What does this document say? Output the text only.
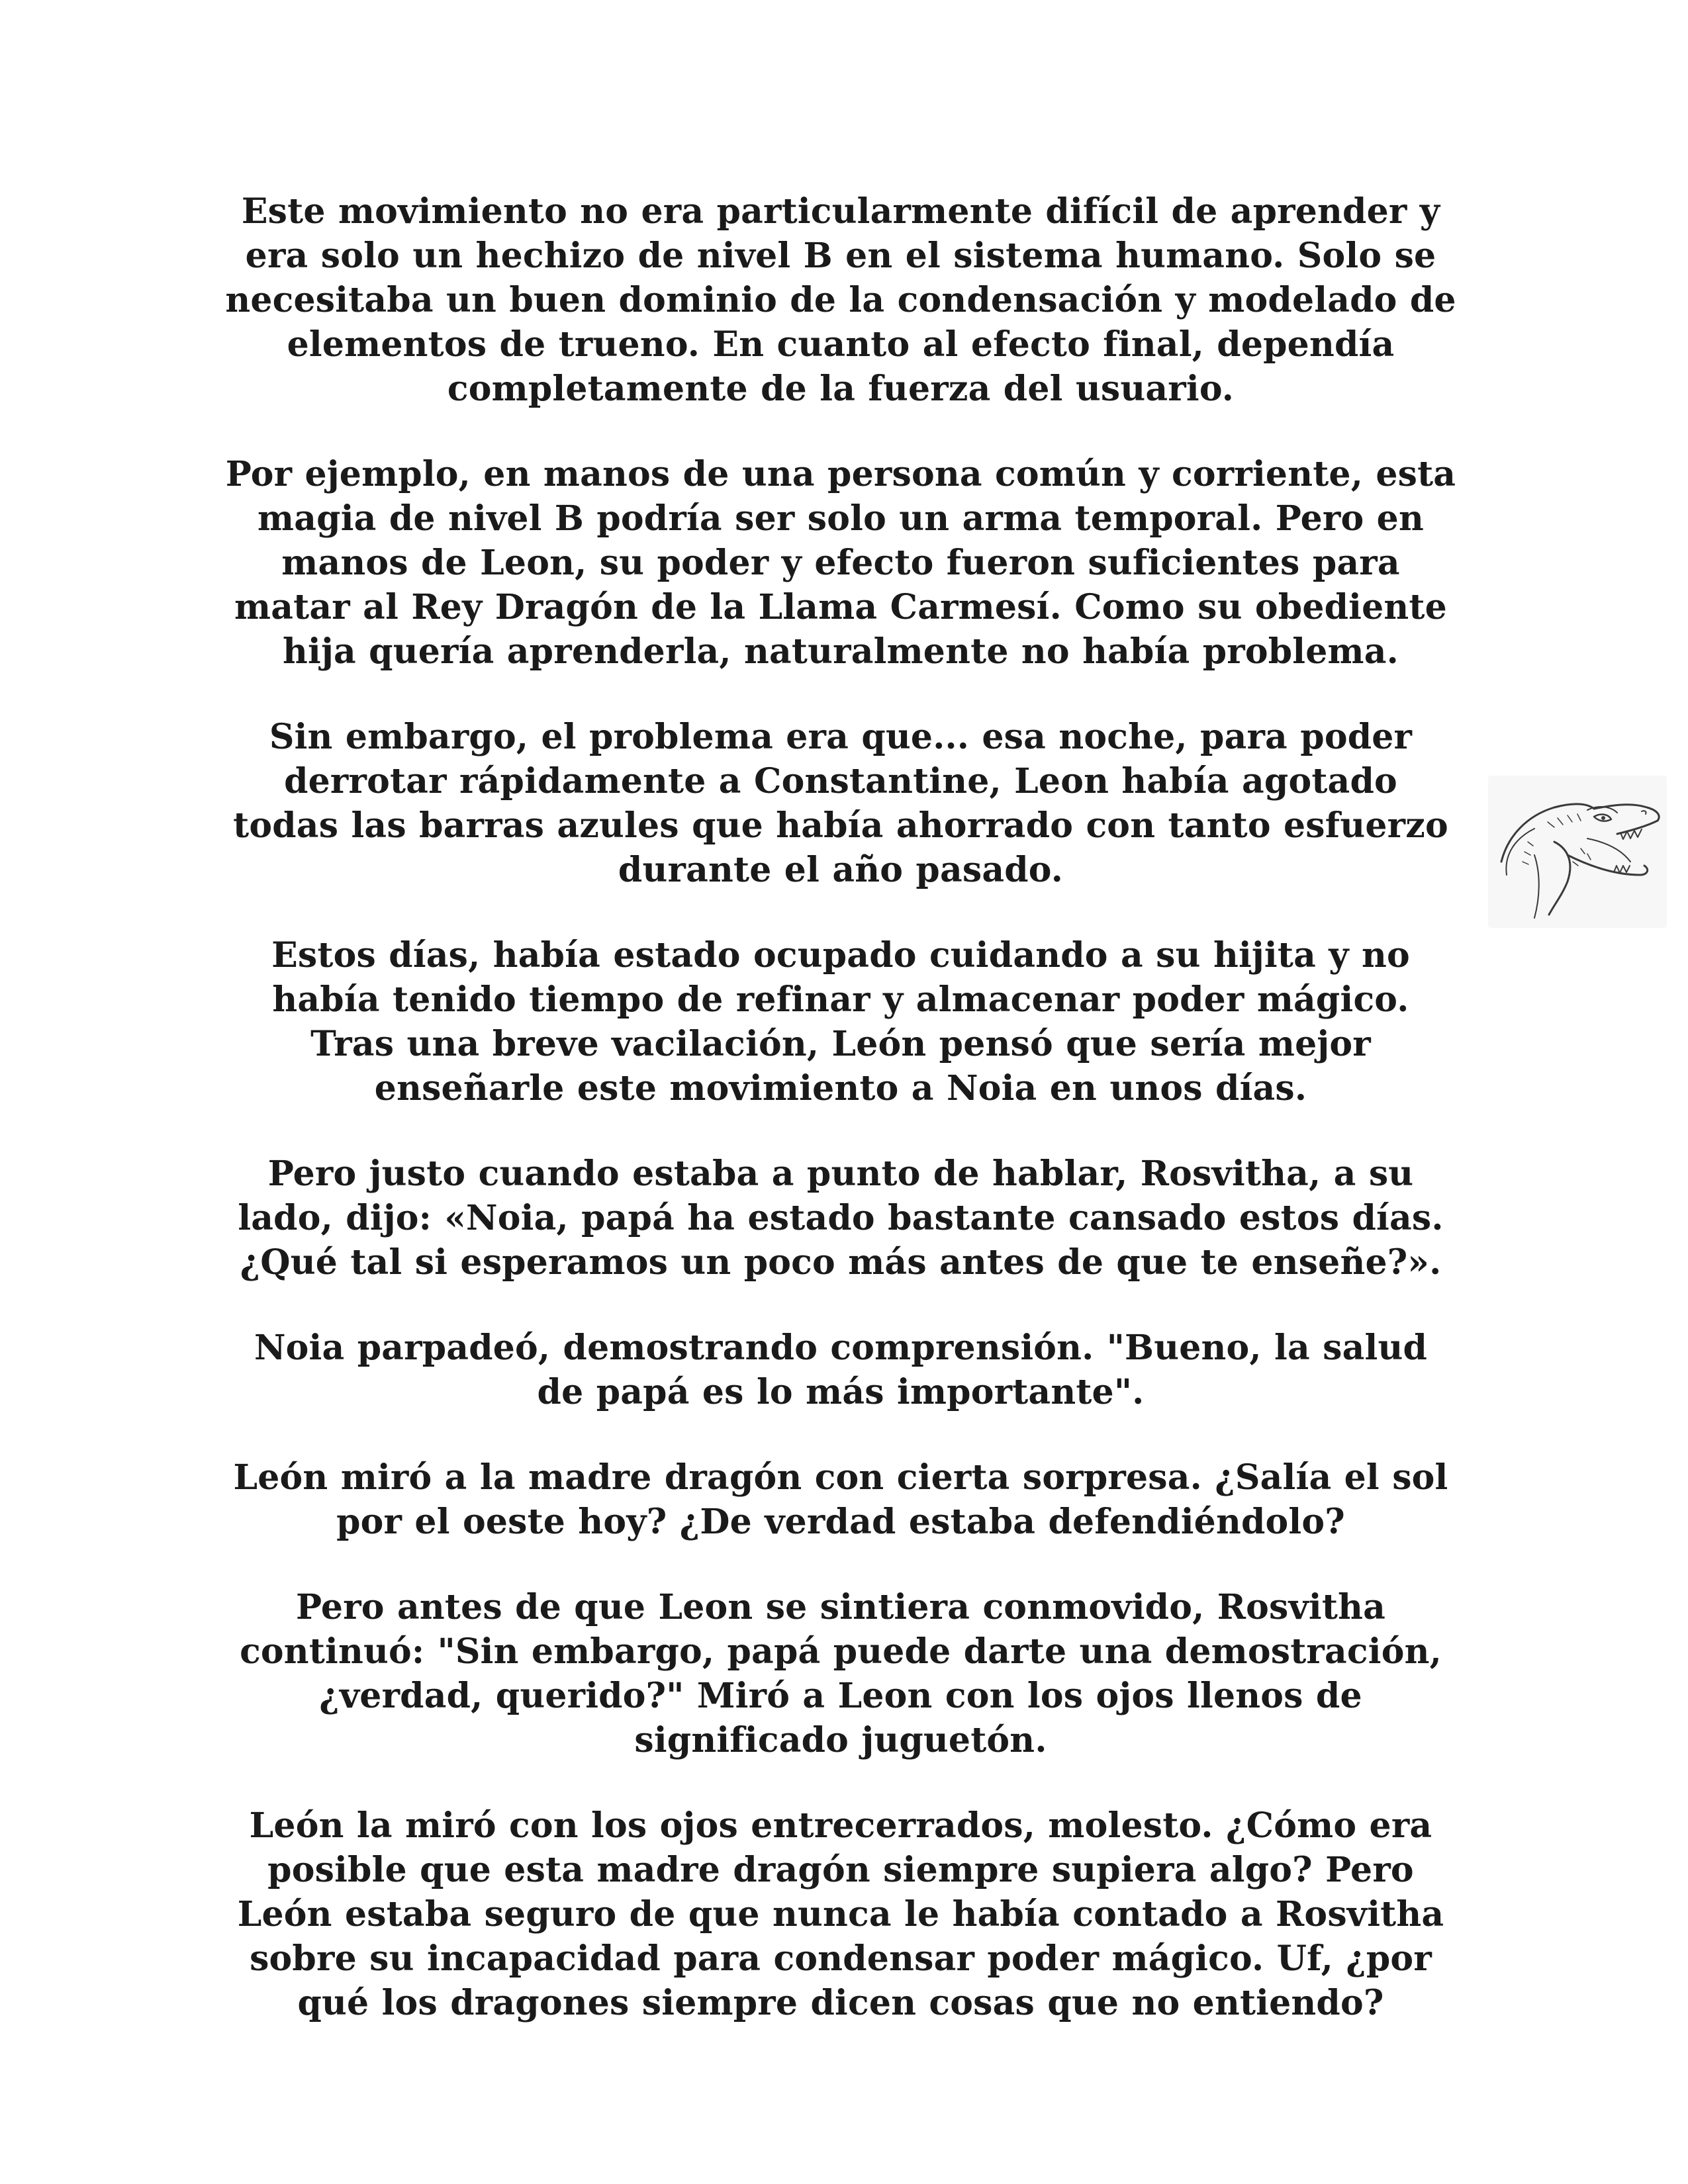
Este movimiento no era particularmente difícil de aprender y
era solo un hechizo de nivel B en el sistema humano. Solo se
necesitaba un buen dominio de la condensación y modelado de
elementos de trueno. En cuanto al efecto final, dependía
completamente de la fuerza del usuario.

Por ejemplo, en manos de una persona común y corriente, esta
magia de nivel B podría ser solo un arma temporal. Pero en
manos de Leon, su poder y efecto fueron suficientes para
matar al Rey Dragón de la Llama Carmesí. Como su obediente
hija quería aprenderla, naturalmente no había problema.

Sin embargo, el problema era que... esa noche, para poder
derrotar rápidamente a Constantine, Leon había agotado
todas las barras azules que había ahorrado con tanto esfuerzo
durante el año pasado.

Estos días, había estado ocupado cuidando a su hijita y no
había tenido tiempo de refinar y almacenar poder mágico.
Tras una breve vacilación, León pensó que sería mejor
enseñarle este movimiento a Noia en unos días.

Pero justo cuando estaba a punto de hablar, Rosvitha, a su
lado, dijo: «Noia, papá ha estado bastante cansado estos días.
¿Qué tal si esperamos un poco más antes de que te enseñe?».

Noia parpadeó, demostrando comprensión. "Bueno, la salud
de papá es lo más importante".

León miró a la madre dragón con cierta sorpresa. ¿Salía el sol
por el oeste hoy? ¿De verdad estaba defendiéndolo?

Pero antes de que Leon se sintiera conmovido, Rosvitha
continuó: "Sin embargo, papá puede darte una demostración,
¿verdad, querido?" Miró a Leon con los ojos llenos de
significado juguetón.

León la miró con los ojos entrecerrados, molesto. ¿Cómo era
posible que esta madre dragón siempre supiera algo? Pero
León estaba seguro de que nunca le había contado a Rosvitha
sobre su incapacidad para condensar poder mágico. Uf, ¿por
qué los dragones siempre dicen cosas que no entiendo?
